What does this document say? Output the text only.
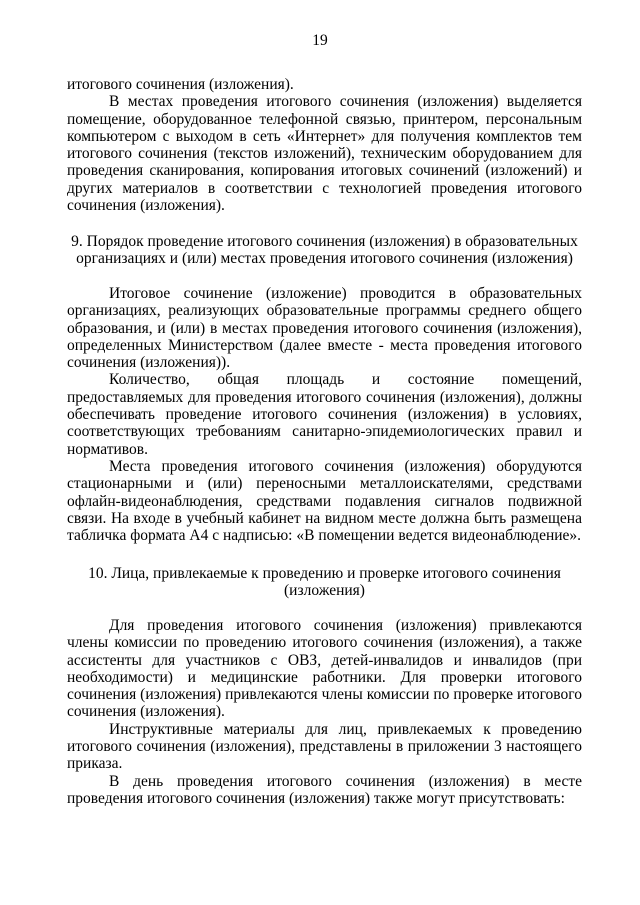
19

итогового сочинения (изложения).

В местах проведения итогового сочинения (изложения) выделяется помещение, оборудованное телефонной связью, принтером, персональным компьютером с выходом в сеть «Интернет» для получения комплектов тем итогового сочинения (текстов изложений), техническим оборудованием для проведения сканирования, копирования итоговых сочинений (изложений) и других материалов в соответствии с технологией проведения итогового сочинения (изложения).

9. Порядок проведение итогового сочинения (изложения) в образовательных
организациях и (или) местах проведения итогового сочинения (изложения)

Итоговое сочинение (изложение) проводится в образовательных организациях, реализующих образовательные программы среднего общего образования, и (или) в местах проведения итогового сочинения (изложения), определенных Министерством (далее вместе - места проведения итогового сочинения (изложения)).

Количество, общая площадь и состояние помещений, предоставляемых для проведения итогового сочинения (изложения), должны обеспечивать проведение итогового сочинения (изложения) в условиях, соответствующих требованиям санитарно-эпидемиологических правил и нормативов.

Места проведения итогового сочинения (изложения) оборудуются стационарными и (или) переносными металлоискателями, средствами офлайн-видеонаблюдения, средствами подавления сигналов подвижной связи. На входе в учебный кабинет на видном месте должна быть размещена табличка формата А4 с надписью: «В помещении ведется видеонаблюдение».

10. Лица, привлекаемые к проведению и проверке итогового сочинения
(изложения)

Для проведения итогового сочинения (изложения) привлекаются члены комиссии по проведению итогового сочинения (изложения), а также ассистенты для участников с ОВЗ, детей-инвалидов и инвалидов (при необходимости) и медицинские работники. Для проверки итогового сочинения (изложения) привлекаются члены комиссии по проверке итогового сочинения (изложения).

Инструктивные материалы для лиц, привлекаемых к проведению итогового сочинения (изложения), представлены в приложении 3 настоящего приказа.

В день проведения итогового сочинения (изложения) в месте проведения итогового сочинения (изложения) также могут присутствовать:
